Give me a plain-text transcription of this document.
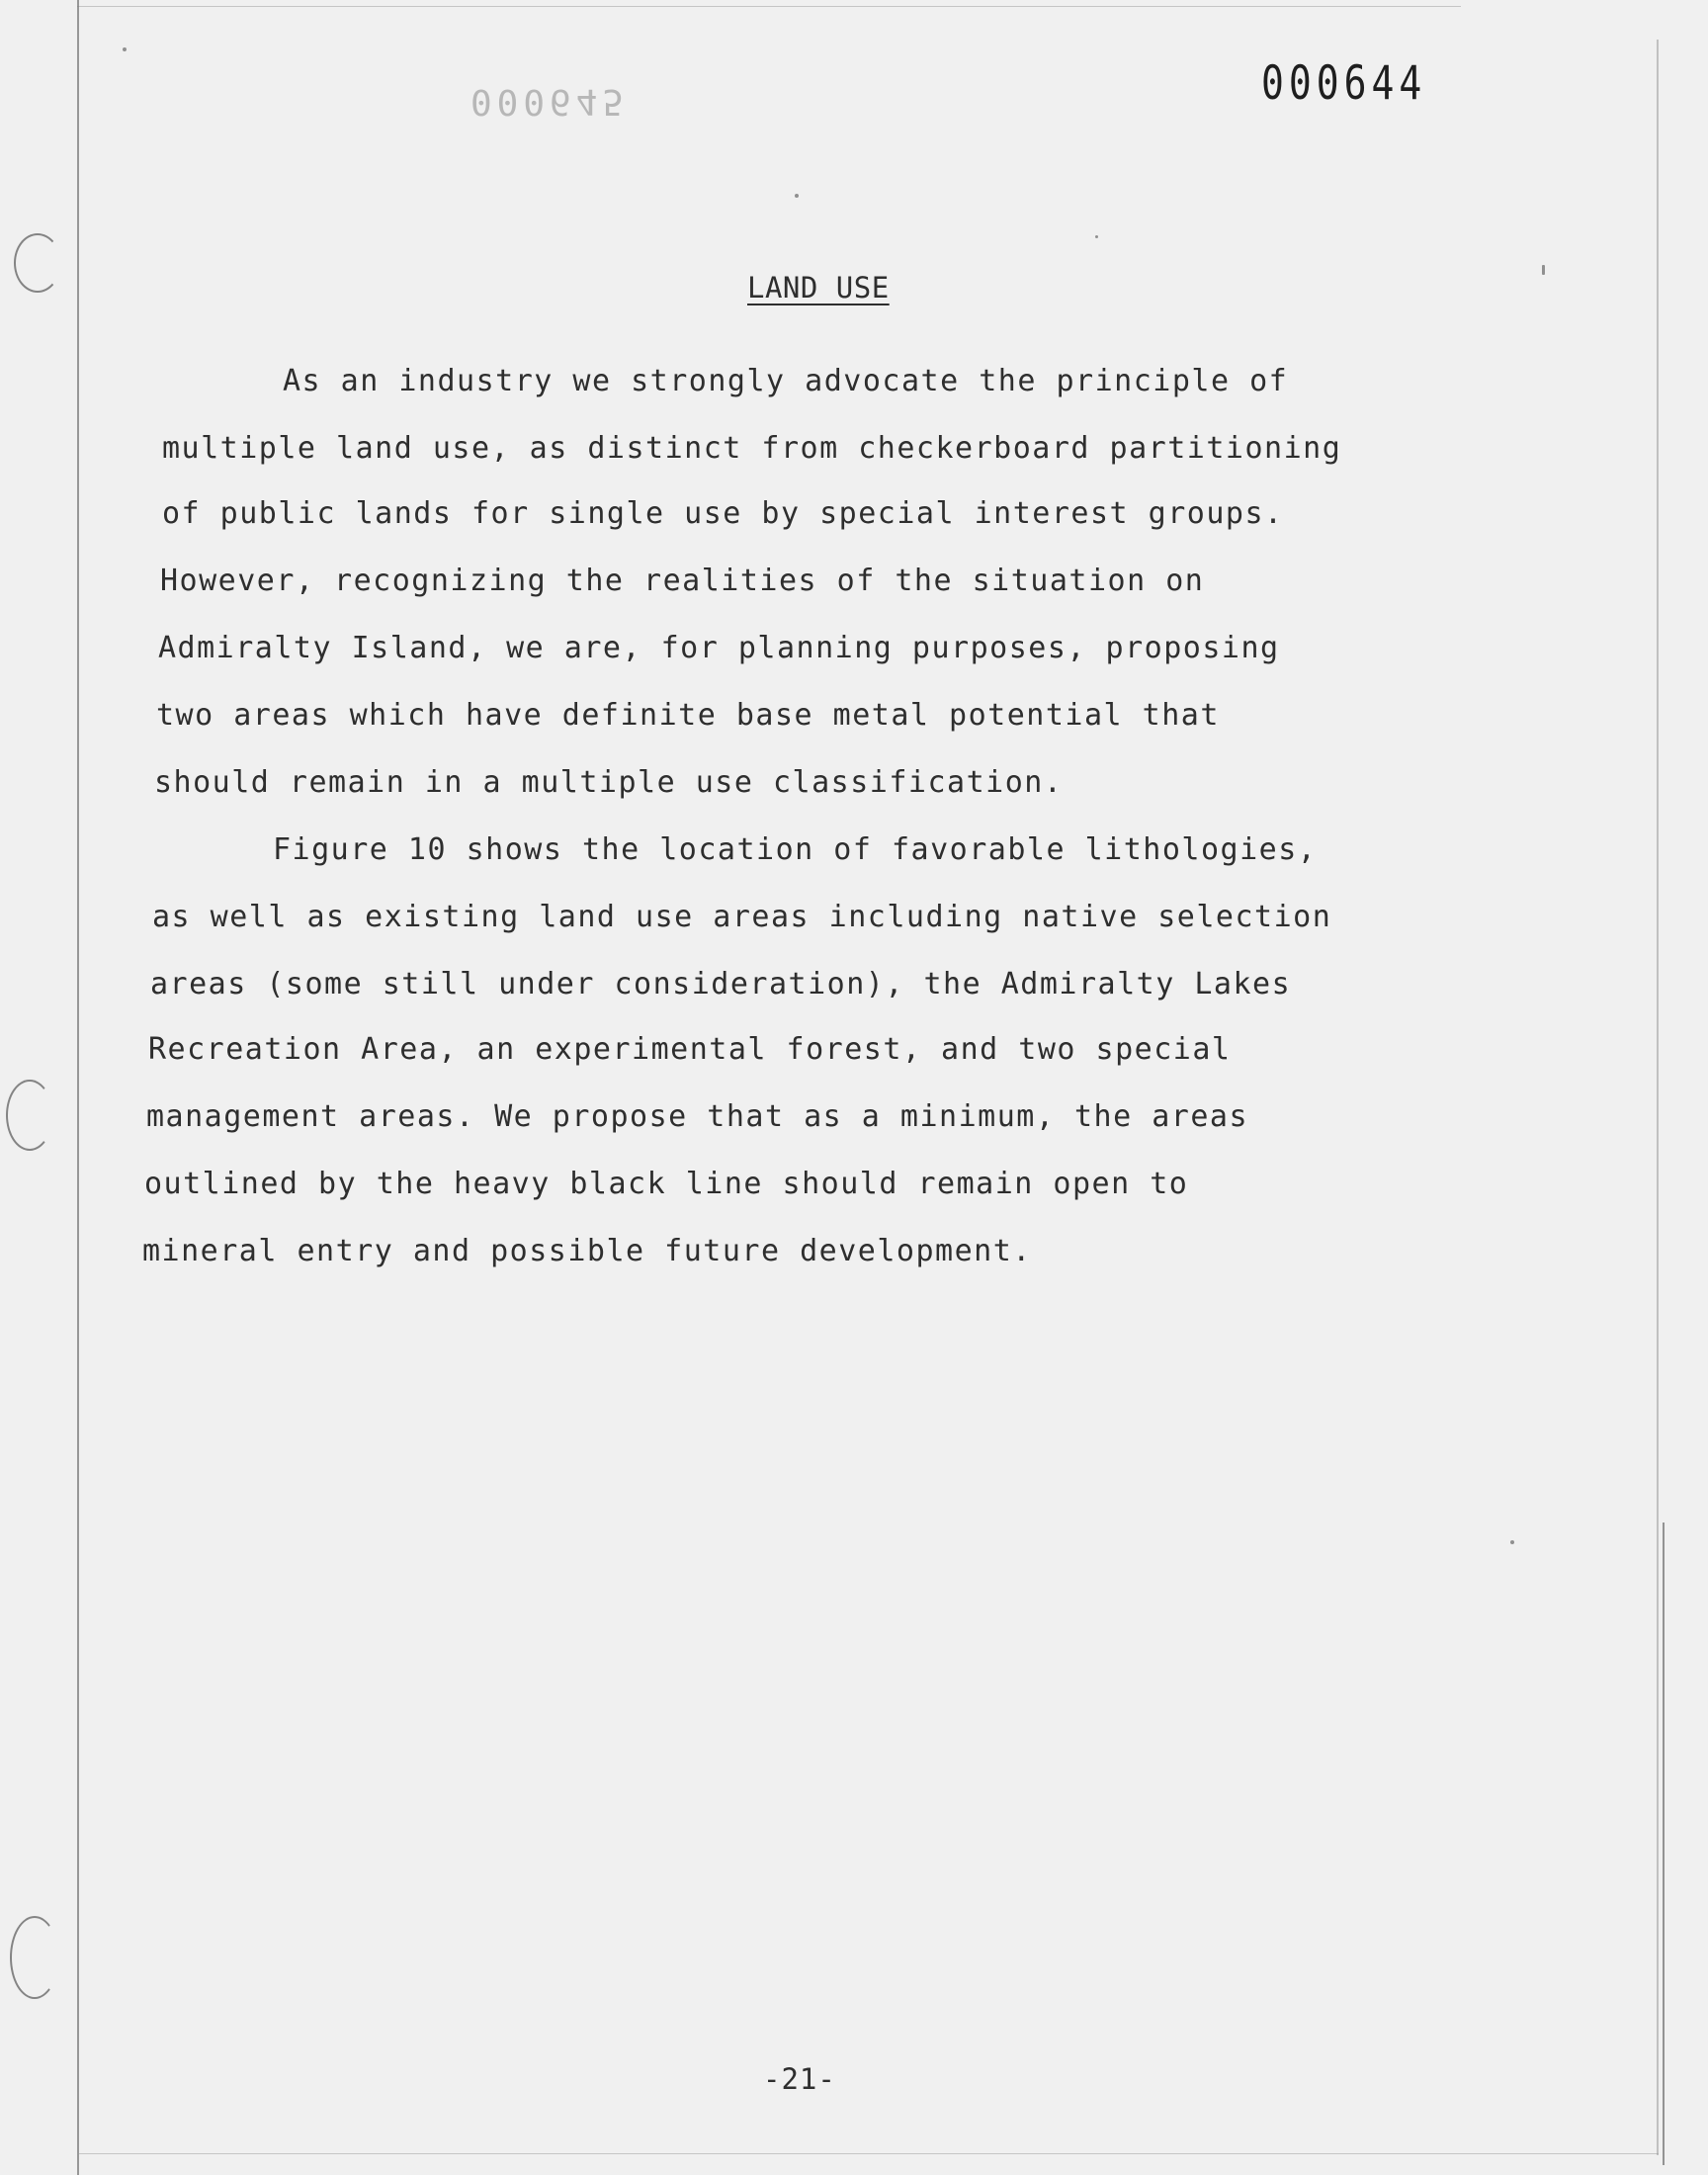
000644
000645
LAND USE
As an industry we strongly advocate the principle of
multiple land use, as distinct from checkerboard partitioning
of public lands for single use by special interest groups.
However, recognizing the realities of the situation on
Admiralty Island, we are, for planning purposes, proposing
two areas which have definite base metal potential that
should remain in a multiple use classification.
Figure 10 shows the location of favorable lithologies,
as well as existing land use areas including native selection
areas (some still under consideration), the Admiralty Lakes
Recreation Area, an experimental forest, and two special
management areas. We propose that as a minimum, the areas
outlined by the heavy black line should remain open to
mineral entry and possible future development.
-21-
